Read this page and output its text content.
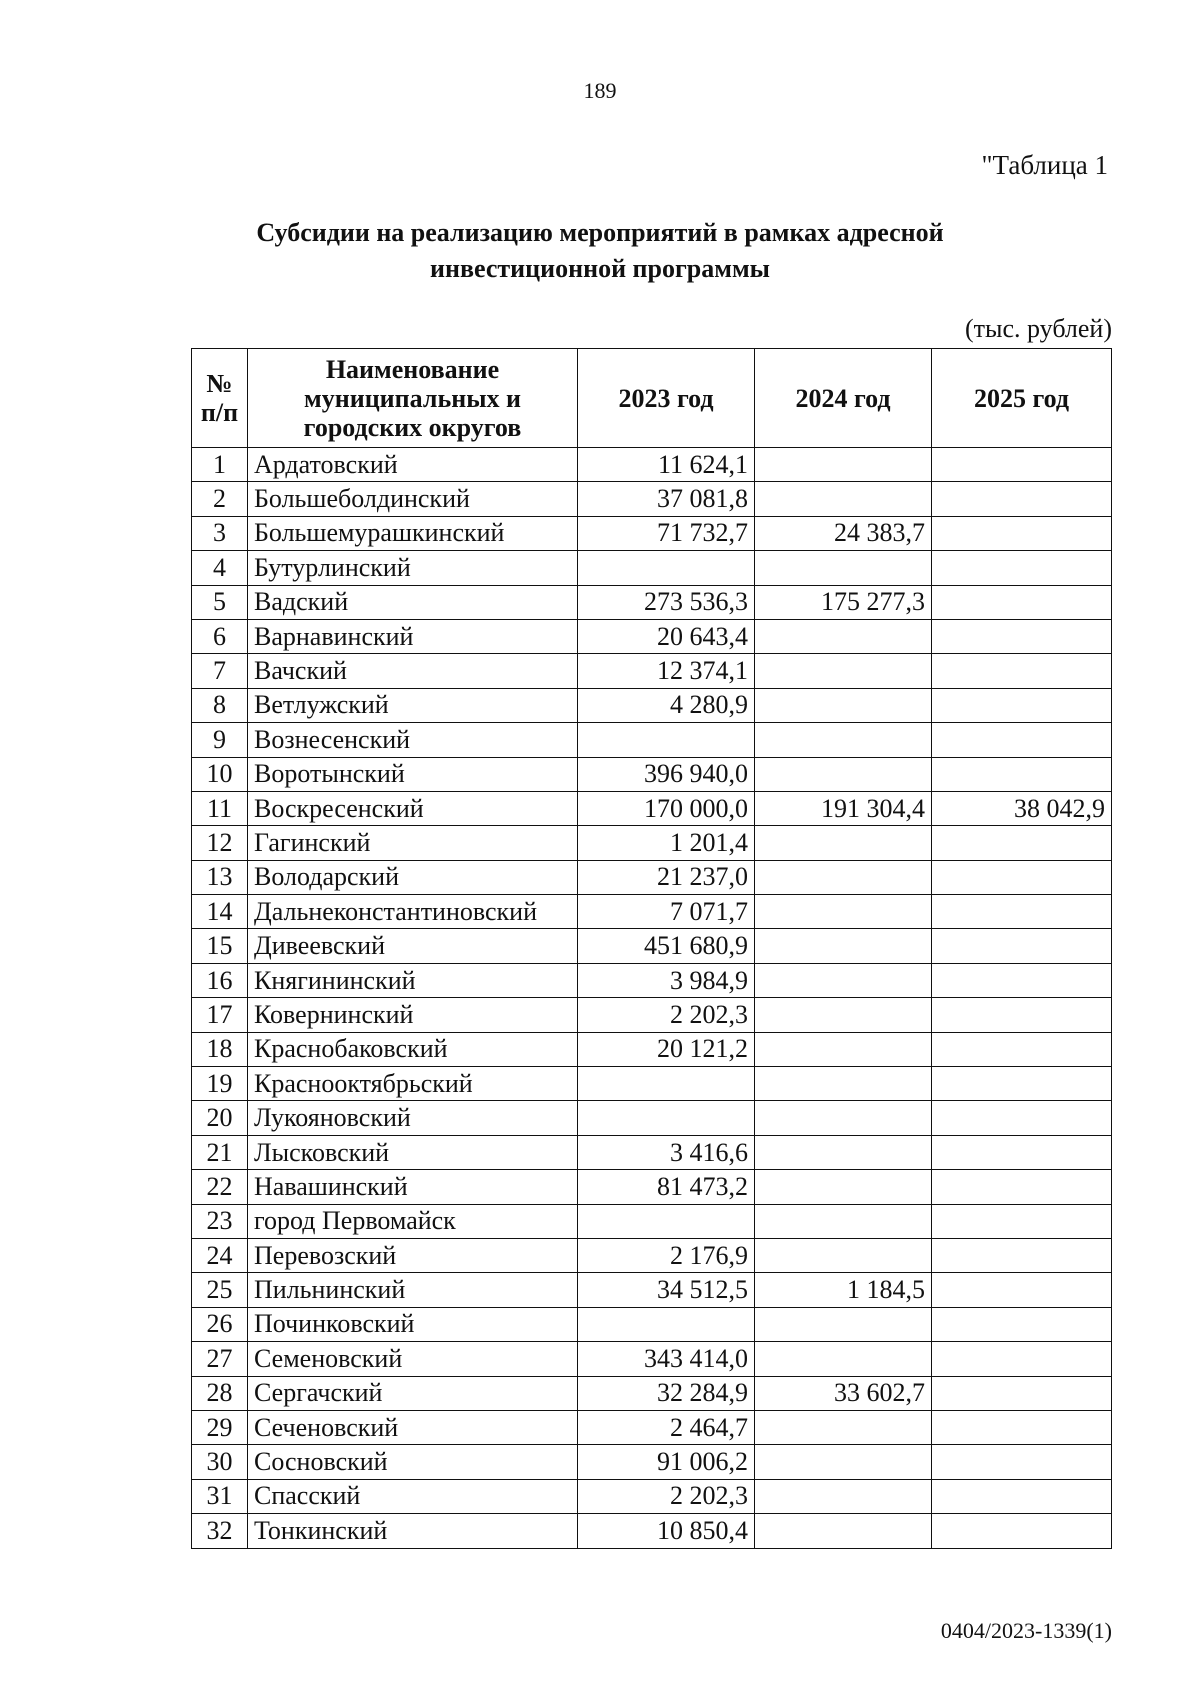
189
"Таблица 1
Субсидии на реализацию мероприятий в рамках адресной
инвестиционной программы
(тыс. рублей)
№ п/п	Наименование муниципальных и городских округов	2023 год	2024 год	2025 год
1	Ардатовский	11 624,1		
2	Большеболдинский	37 081,8		
3	Большемурашкинский	71 732,7	24 383,7	
4	Бутурлинский			
5	Вадский	273 536,3	175 277,3	
6	Варнавинский	20 643,4		
7	Вачский	12 374,1		
8	Ветлужский	4 280,9		
9	Вознесенский			
10	Воротынский	396 940,0		
11	Воскресенский	170 000,0	191 304,4	38 042,9
12	Гагинский	1 201,4		
13	Володарский	21 237,0		
14	Дальнеконстантиновский	7 071,7		
15	Дивеевский	451 680,9		
16	Княгининский	3 984,9		
17	Ковернинский	2 202,3		
18	Краснобаковский	20 121,2		
19	Краснооктябрьский			
20	Лукояновский			
21	Лысковский	3 416,6		
22	Навашинский	81 473,2		
23	город Первомайск			
24	Перевозский	2 176,9		
25	Пильнинский	34 512,5	1 184,5	
26	Починковский			
27	Семеновский	343 414,0		
28	Сергачский	32 284,9	33 602,7	
29	Сеченовский	2 464,7		
30	Сосновский	91 006,2		
31	Спасский	2 202,3		
32	Тонкинский	10 850,4		
0404/2023-1339(1)
